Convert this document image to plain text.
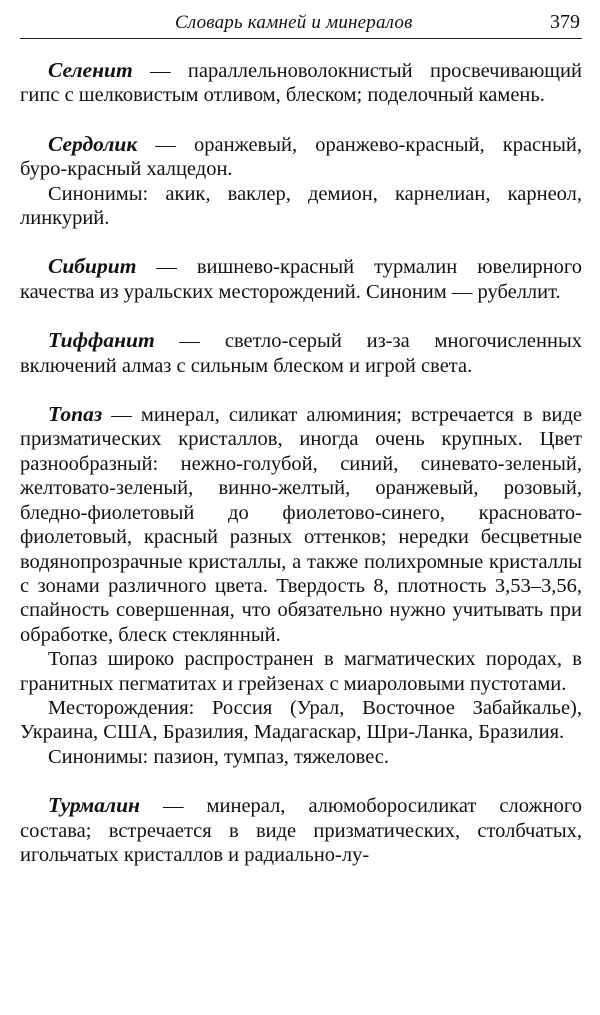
Словарь камней и минералов	379

Селенит — параллельноволокнистый просвечивающий гипс с шелковистым отливом, блеском; поделочный камень.

Сердолик — оранжевый, оранжево-красный, красный, буро-красный халцедон.

Синонимы: акик, ваклер, демион, карнелиан, карнеол, линкурий.

Сибирит — вишнево-красный турмалин ювелирного качества из уральских месторождений. Синоним — рубеллит.

Тиффанит — светло-серый из-за многочисленных включений алмаз с сильным блеском и игрой света.

Топаз — минерал, силикат алюминия; встречается в виде призматических кристаллов, иногда очень крупных. Цвет разнообразный: нежно-голубой, синий, синевато-зеленый, желтовато-зеленый, винно-желтый, оранжевый, розовый, бледно-фиолетовый до фиолетово-синего, красновато-фиолетовый, красный разных оттенков; нередки бесцветные водянопрозрачные кристаллы, а также полихромные кристаллы с зонами различного цвета. Твердость 8, плотность 3,53–3,56, спайность совершенная, что обязательно нужно учитывать при обработке, блеск стеклянный.

Топаз широко распространен в магматических породах, в гранитных пегматитах и грейзенах с миароловыми пустотами.

Месторождения: Россия (Урал, Восточное Забайкалье), Украина, США, Бразилия, Мадагаскар, Шри-Ланка, Бразилия.

Синонимы: пазион, тумпаз, тяжеловес.

Турмалин — минерал, алюмоборосиликат сложного состава; встречается в виде призматических, столбчатых, игольчатых кристаллов и радиально-лу-
